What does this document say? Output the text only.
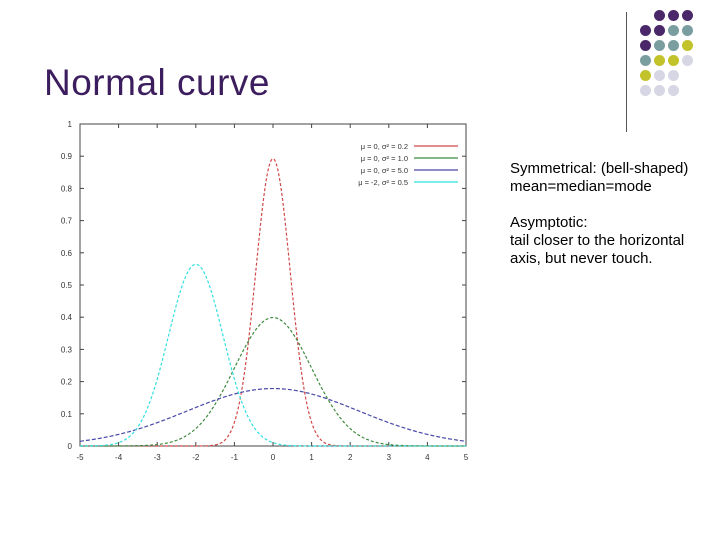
Normal curve
-5	-4	-3	-2	-1	0	1	2	3	4	5
0
0.1
0.2
0.3
0.4
0.5
0.6
0.7
0.8
0.9
1
μ = 0, σ² = 0.2
μ = 0, σ² = 1.0
μ = 0, σ² = 5.0
μ = -2, σ² = 0.5
Symmetrical: (bell-shaped)
mean=median=mode
Asymptotic:
tail closer to the horizontal axis, but never touch.
